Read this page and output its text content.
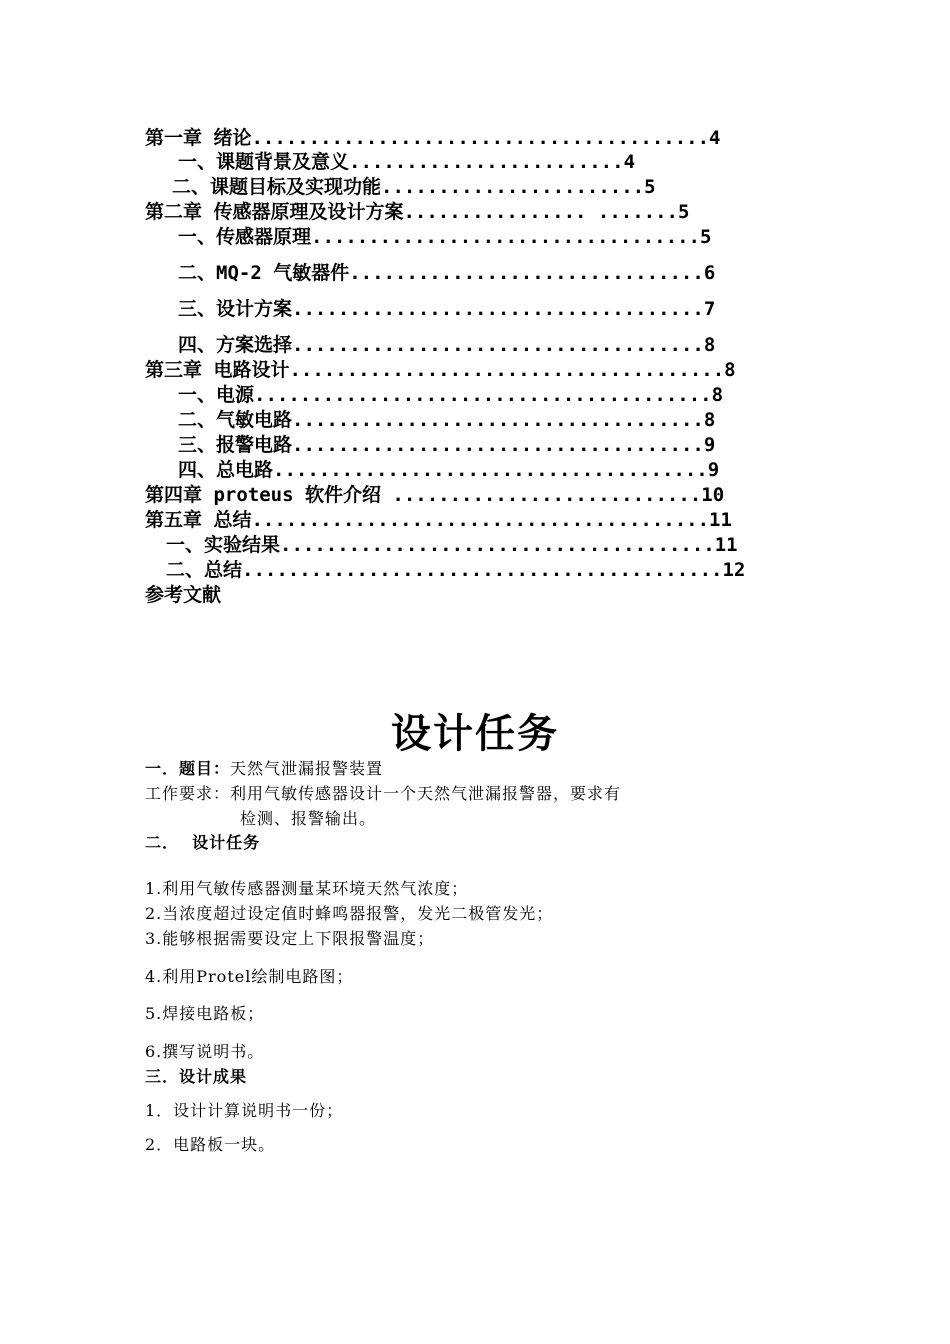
第一章 绪论........................................4
一、课题背景及意义........................4
二、课题目标及实现功能.......................5
第二章 传感器原理及设计方案................ .......5
一、传感器原理..................................5
二、MQ-2 气敏器件...............................6
三、设计方案....................................7
四、方案选择....................................8
第三章 电路设计......................................8
一、电源........................................8
二、气敏电路....................................8
三、报警电路....................................9
四、总电路......................................9
第四章 proteus 软件介绍 ...........................10
第五章 总结........................................11
一、实验结果......................................11
二、总结..........................................12
参考文献
设计任务
一．题目：天然气泄漏报警装置
工作要求：利用气敏传感器设计一个天然气泄漏报警器，要求有
检测、报警输出。
二．  设计任务
1.利用气敏传感器测量某环境天然气浓度；
2.当浓度超过设定值时蜂鸣器报警，发光二极管发光；
3.能够根据需要设定上下限报警温度；
4.利用Protel绘制电路图；
5.焊接电路板；
6.撰写说明书。
三．设计成果
1．设计计算说明书一份；
2．电路板一块。
